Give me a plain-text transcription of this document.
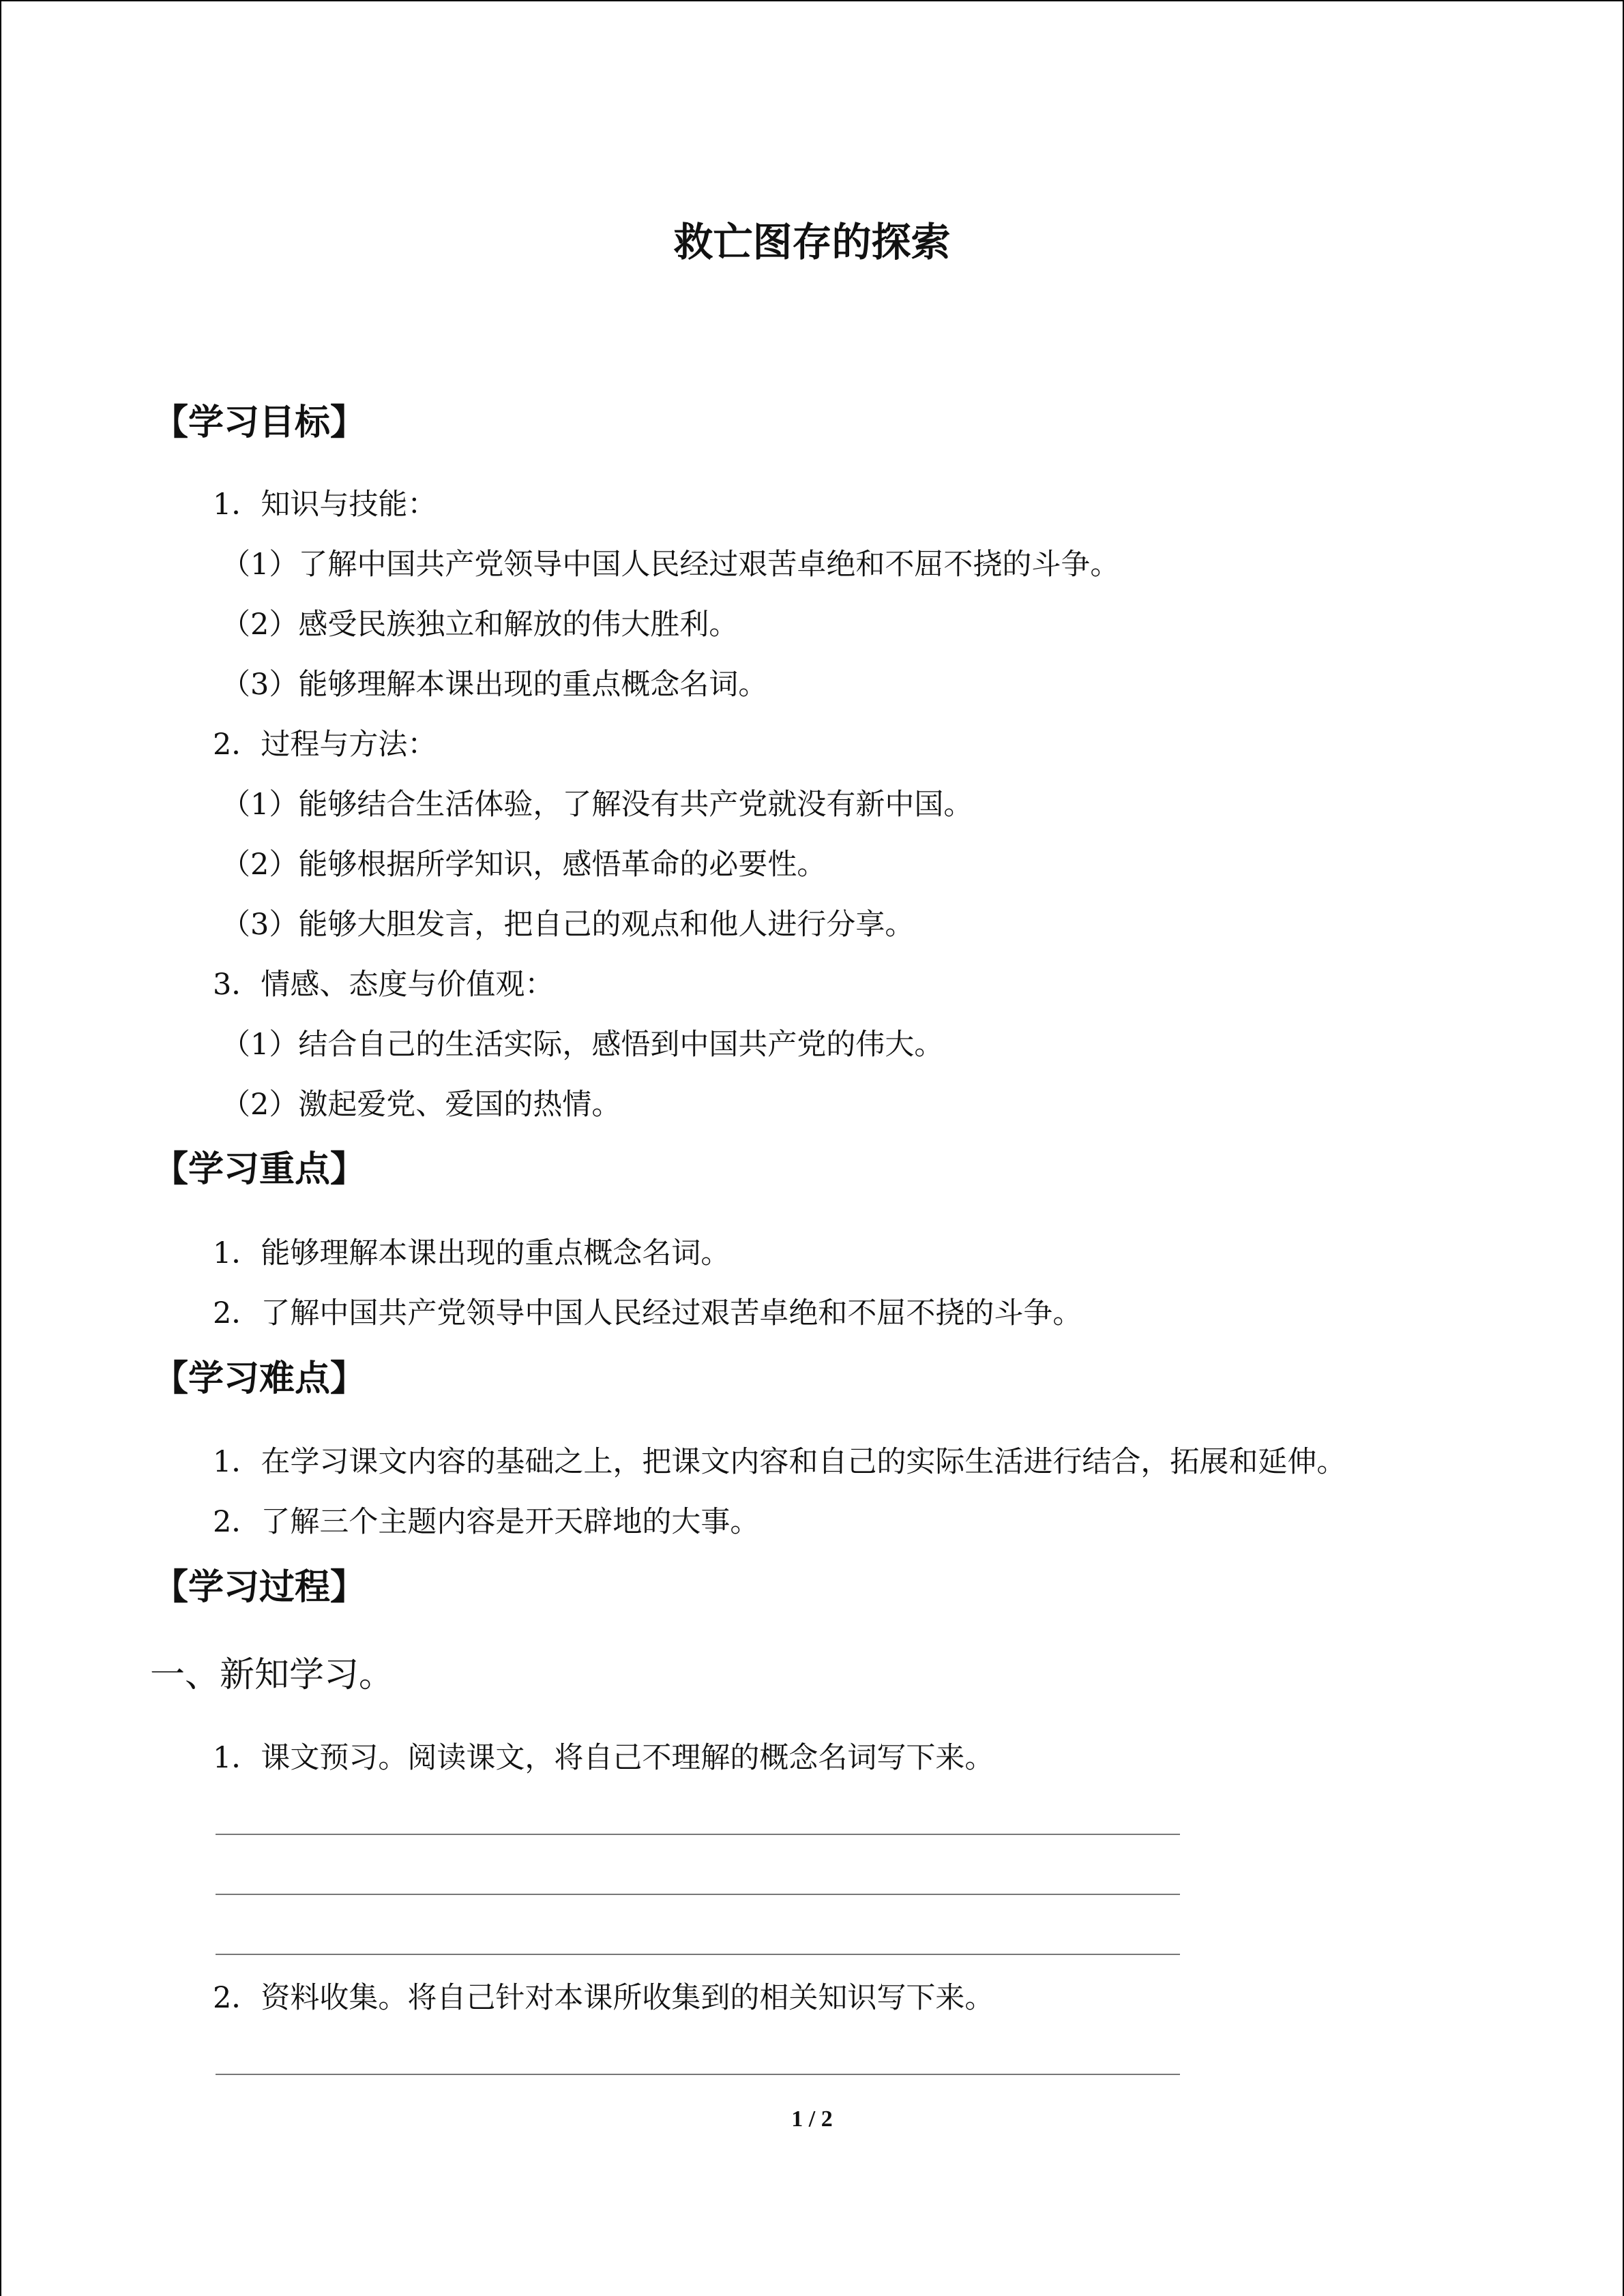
救亡图存的探索
【学习目标】
1．知识与技能：
（1）了解中国共产党领导中国人民经过艰苦卓绝和不屈不挠的斗争。
（2）感受民族独立和解放的伟大胜利。
（3）能够理解本课出现的重点概念名词。
2．过程与方法：
（1）能够结合生活体验，了解没有共产党就没有新中国。
（2）能够根据所学知识，感悟革命的必要性。
（3）能够大胆发言，把自己的观点和他人进行分享。
3．情感、态度与价值观：
（1）结合自己的生活实际，感悟到中国共产党的伟大。
（2）激起爱党、爱国的热情。
【学习重点】
1．能够理解本课出现的重点概念名词。
2．了解中国共产党领导中国人民经过艰苦卓绝和不屈不挠的斗争。
【学习难点】
1．在学习课文内容的基础之上，把课文内容和自己的实际生活进行结合，拓展和延伸。
2．了解三个主题内容是开天辟地的大事。
【学习过程】
一、新知学习。
1．课文预习。阅读课文，将自己不理解的概念名词写下来。
2．资料收集。将自己针对本课所收集到的相关知识写下来。
1 / 2
